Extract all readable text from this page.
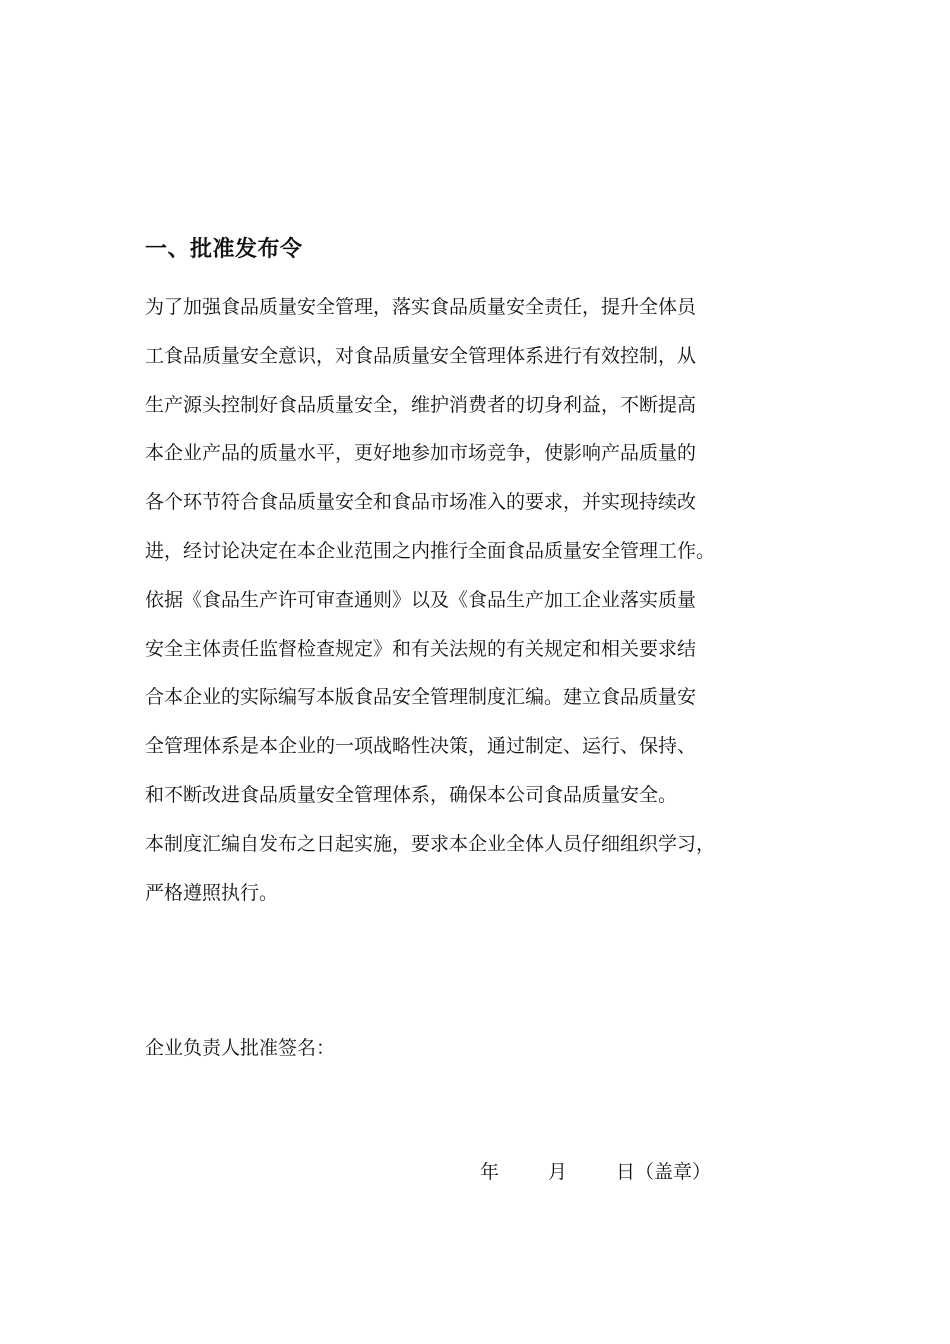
一、批准发布令
为了加强食品质量安全管理，落实食品质量安全责任，提升全体员
工食品质量安全意识，对食品质量安全管理体系进行有效控制，从
生产源头控制好食品质量安全，维护消费者的切身利益，不断提高
本企业产品的质量水平，更好地参加市场竞争，使影响产品质量的
各个环节符合食品质量安全和食品市场准入的要求，并实现持续改
进，经讨论决定在本企业范围之内推行全面食品质量安全管理工作。
依据《食品生产许可审查通则》以及《食品生产加工企业落实质量
安全主体责任监督检查规定》和有关法规的有关规定和相关要求结
合本企业的实际编写本版食品安全管理制度汇编。建立食品质量安
全管理体系是本企业的一项战略性决策，通过制定、运行、保持、
和不断改进食品质量安全管理体系，确保本公司食品质量安全。
本制度汇编自发布之日起实施，要求本企业全体人员仔细组织学习，
严格遵照执行。
企业负责人批准签名：
年	月	日（盖章）
